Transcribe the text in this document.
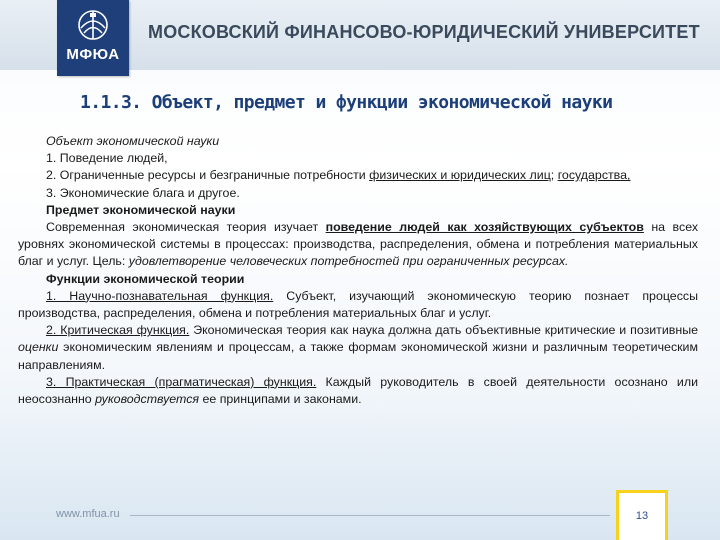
МФЮА
МОСКОВСКИЙ ФИНАНСОВО-ЮРИДИЧЕСКИЙ УНИВЕРСИТЕТ
1.1.3. Объект, предмет и функции экономической науки

Объект экономической науки

1. Поведение людей,

2. Ограниченные ресурсы и безграничные потребности физических и юридических лиц; государства,

3. Экономические блага и другое.

Предмет экономической науки

Современная экономическая теория изучает поведение людей как хозяйствующих субъектов на всех уровнях экономической системы в процессах: производства, распределения, обмена и потребления материальных благ и услуг. Цель: удовлетворение человеческих потребностей при ограниченных ресурсах.

Функции экономической теории

1. Научно-познавательная функция. Субъект, изучающий экономическую теорию познает процессы производства, распределения, обмена и потребления материальных благ и услуг.

2. Критическая функция. Экономическая теория как наука должна дать объективные критические и позитивные оценки экономическим явлениям и процессам, а также формам экономической жизни и различным теоретическим направлениям.

3. Практическая (прагматическая) функция. Каждый руководитель в своей деятельности осознано или неосознанно руководствуется ее принципами и законами.

www.mfua.ru	13
